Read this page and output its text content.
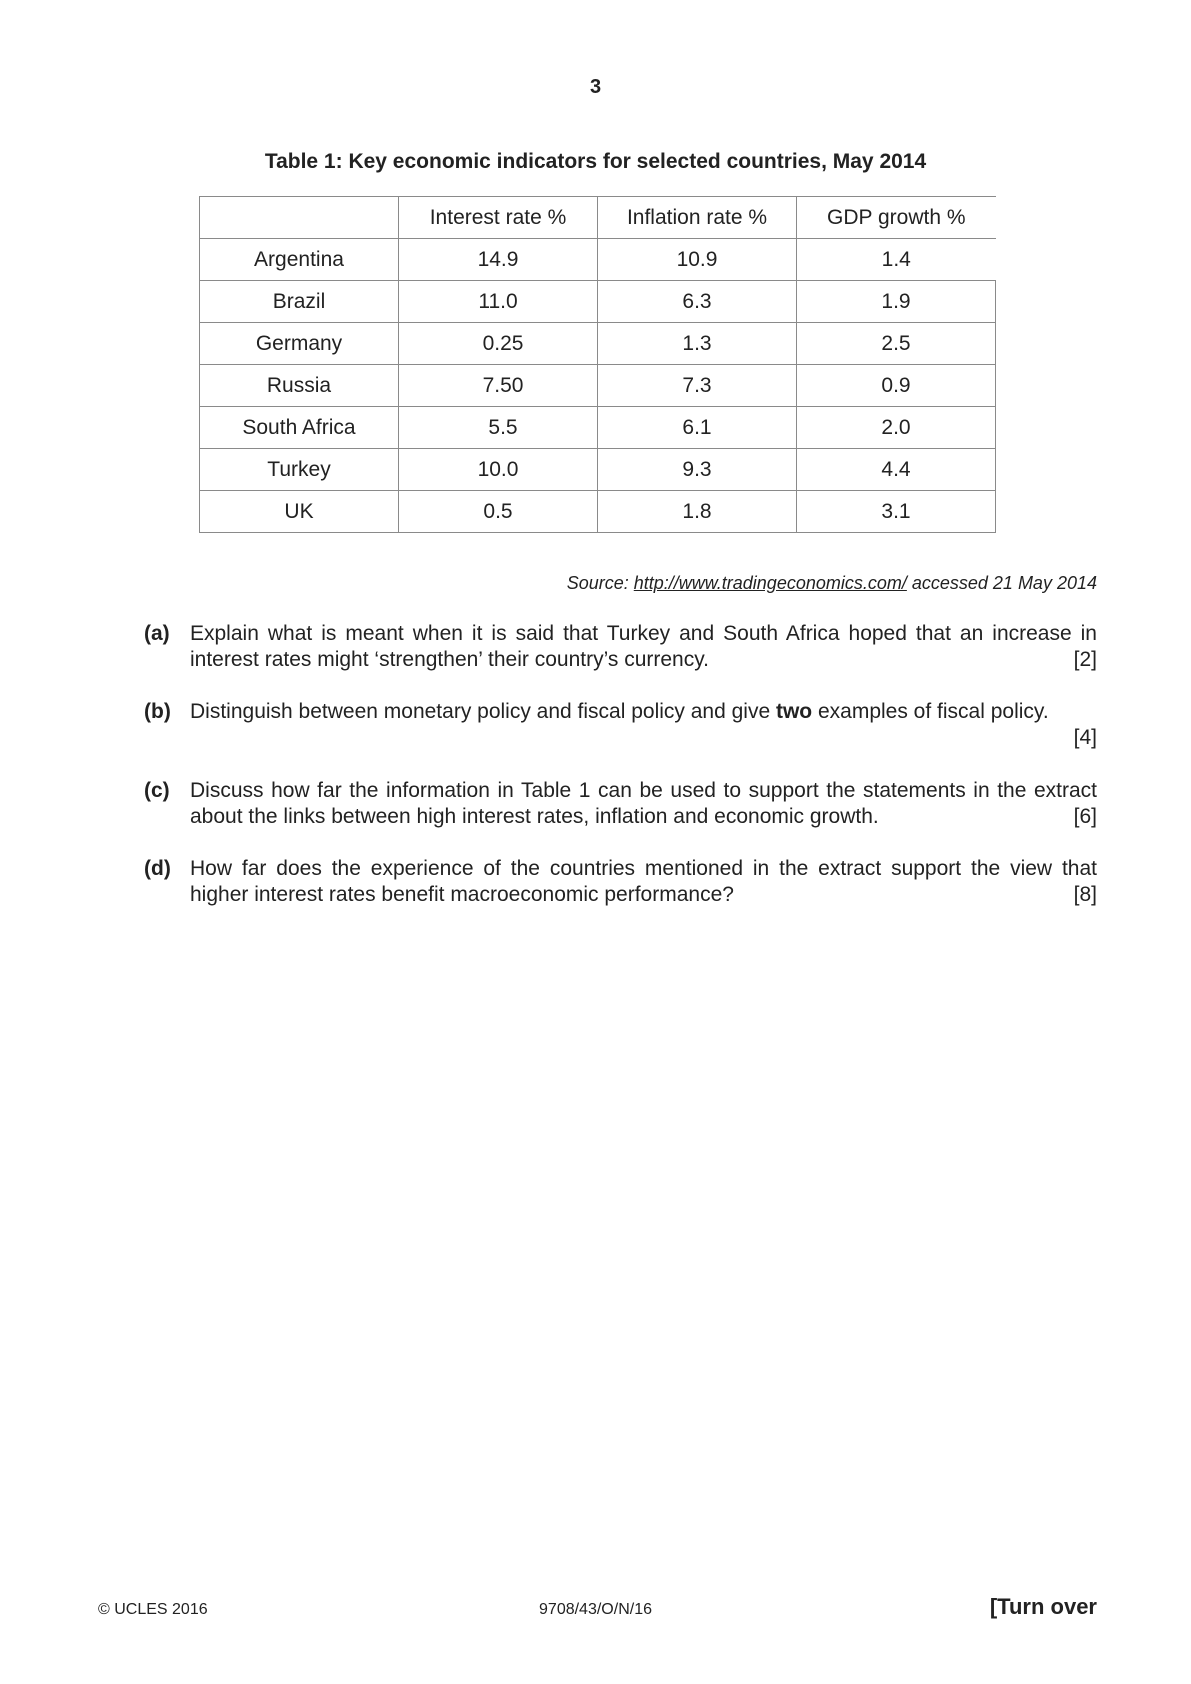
3
Table 1: Key economic indicators for selected countries, May 2014
	Interest rate %	Inflation rate %	GDP growth %
Argentina	14.9	10.9	1.4
Brazil	11.0	6.3	1.9
Germany	0.25	1.3	2.5
Russia	7.50	7.3	0.9
South Africa	5.5	6.1	2.0
Turkey	10.0	9.3	4.4
UK	0.5	1.8	3.1
Source: http://www.tradingeconomics.com/ accessed 21 May 2014
(a) Explain what is meant when it is said that Turkey and South Africa hoped that an increase in interest rates might ‘strengthen’ their country’s currency.	[2]
(b) Distinguish between monetary policy and fiscal policy and give two examples of fiscal policy.

[4]
(c) Discuss how far the information in Table 1 can be used to support the statements in the extract about the links between high interest rates, inflation and economic growth.	[6]
(d) How far does the experience of the countries mentioned in the extract support the view that higher interest rates benefit macroeconomic performance?	[8]
© UCLES 2016	9708/43/O/N/16	[Turn over
